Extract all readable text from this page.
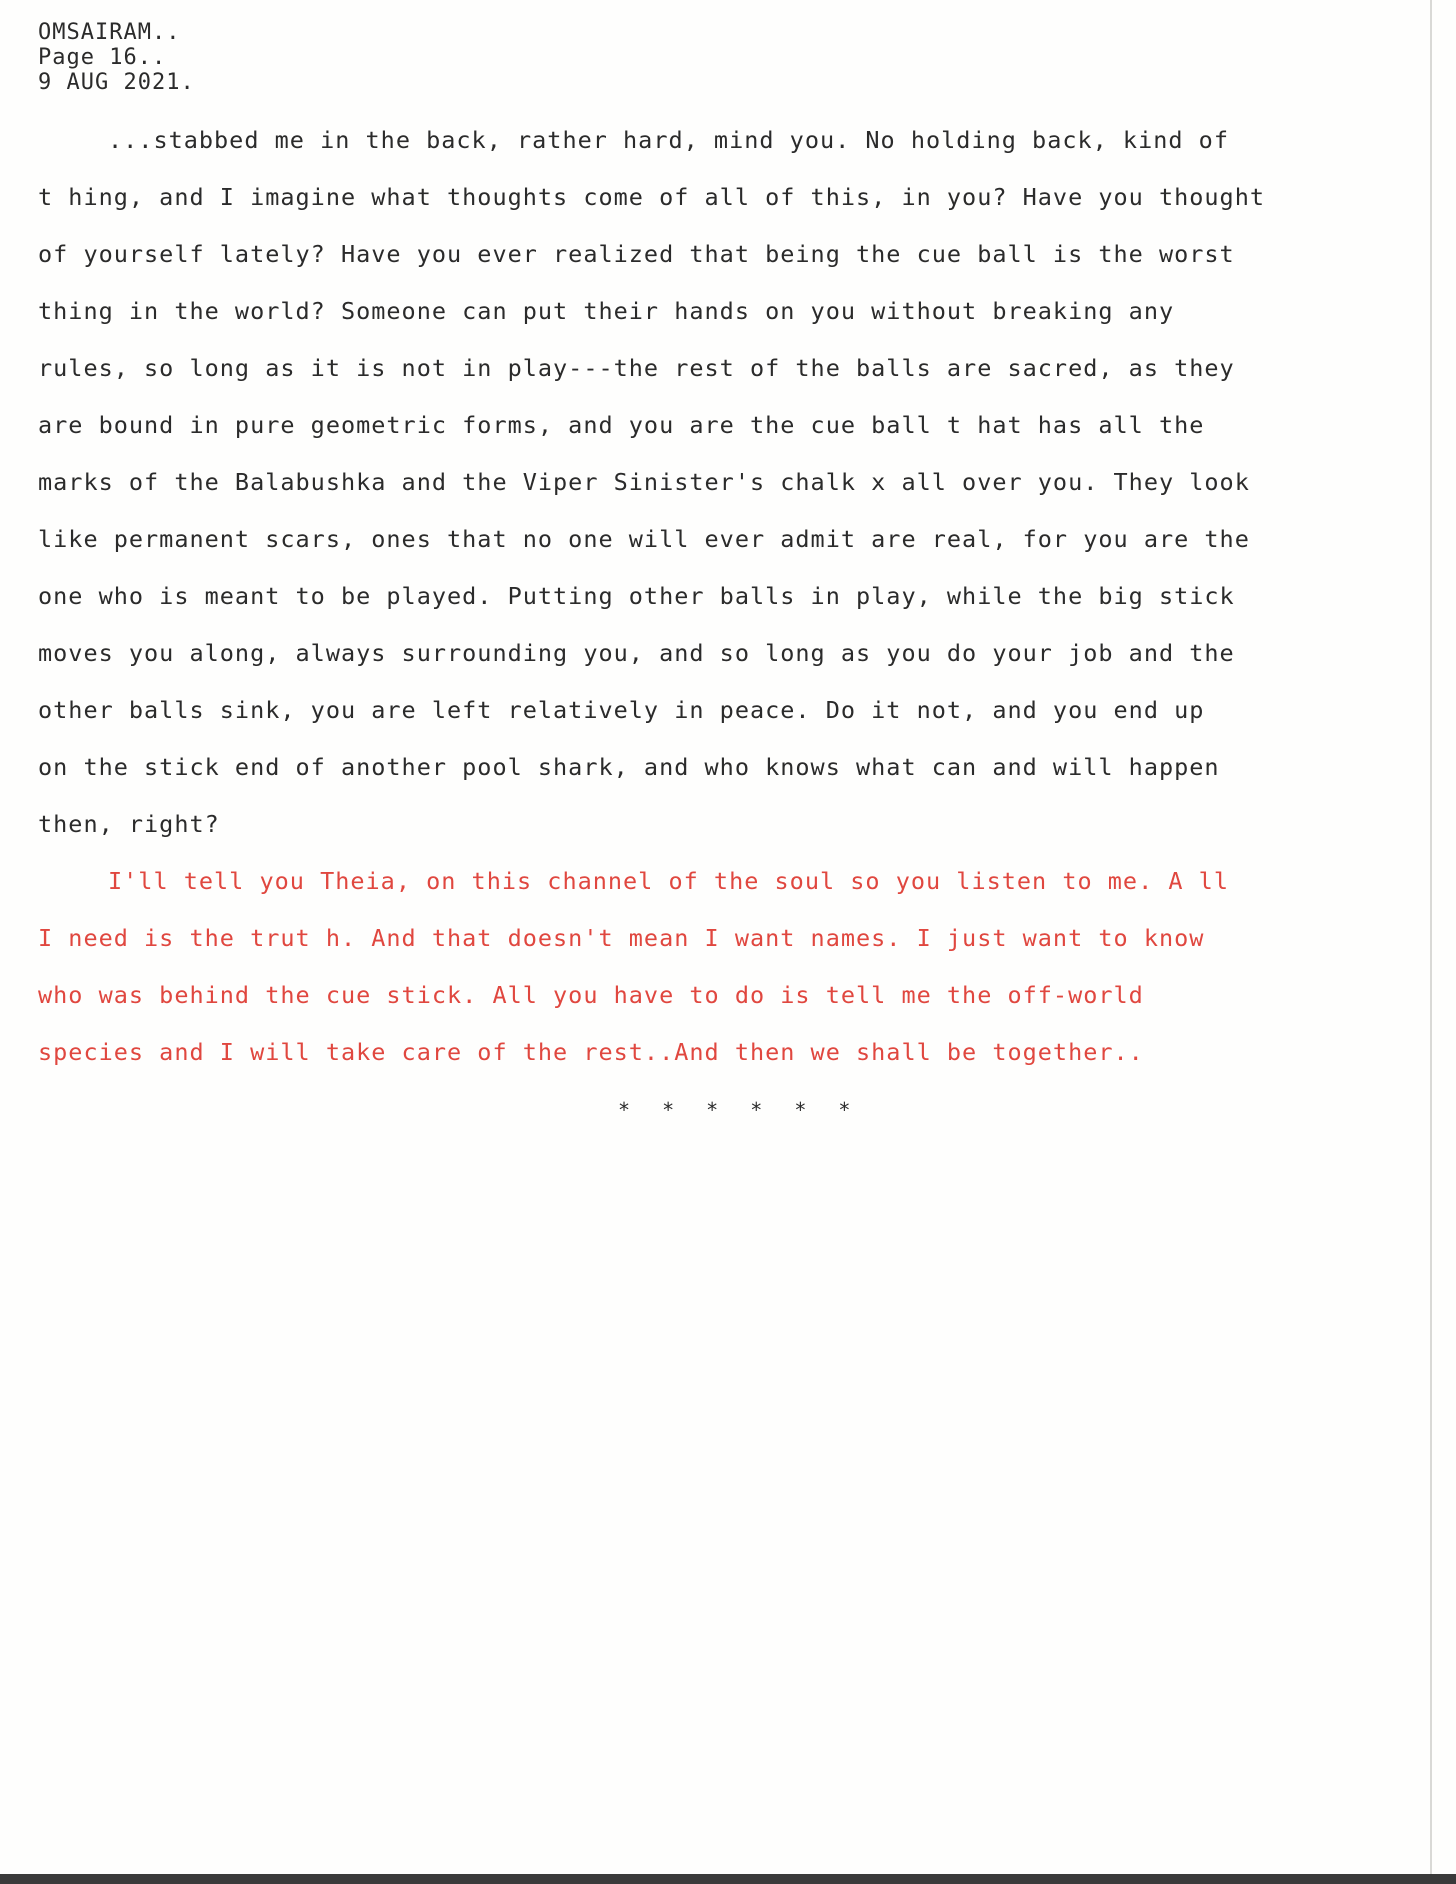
OMSAIRAM..
Page 16..
9 AUG 2021.
...stabbed me in the back, rather hard, mind you. No holding back, kind of
t hing, and I imagine what thoughts come of all of this, in you? Have you thought
of yourself lately? Have you ever realized that being the cue ball is the worst
thing in the world? Someone can put their hands on you without breaking any
rules, so long as it is not in play---the rest of the balls are sacred, as they
are bound in pure geometric forms, and you are the cue ball t hat has all the
marks of the Balabushka and the Viper Sinister's chalk x all over you. They look
like permanent scars, ones that no one will ever admit are real, for you are the
one who is meant to be played. Putting other balls in play, while the big stick
moves you along, always surrounding you, and so long as you do your job and the
other balls sink, you are left relatively in peace. Do it not, and you end up
on the stick end of another pool shark, and who knows what can and will happen
then, right?
I'll tell you Theia, on this channel of the soul so you listen to me. A ll
I need is the trut h. And that doesn't mean I want names. I just want to know
who was behind the cue stick. All you have to do is tell me the off-world
species and I will take care of the rest..And then we shall be together..
* * * * * *
